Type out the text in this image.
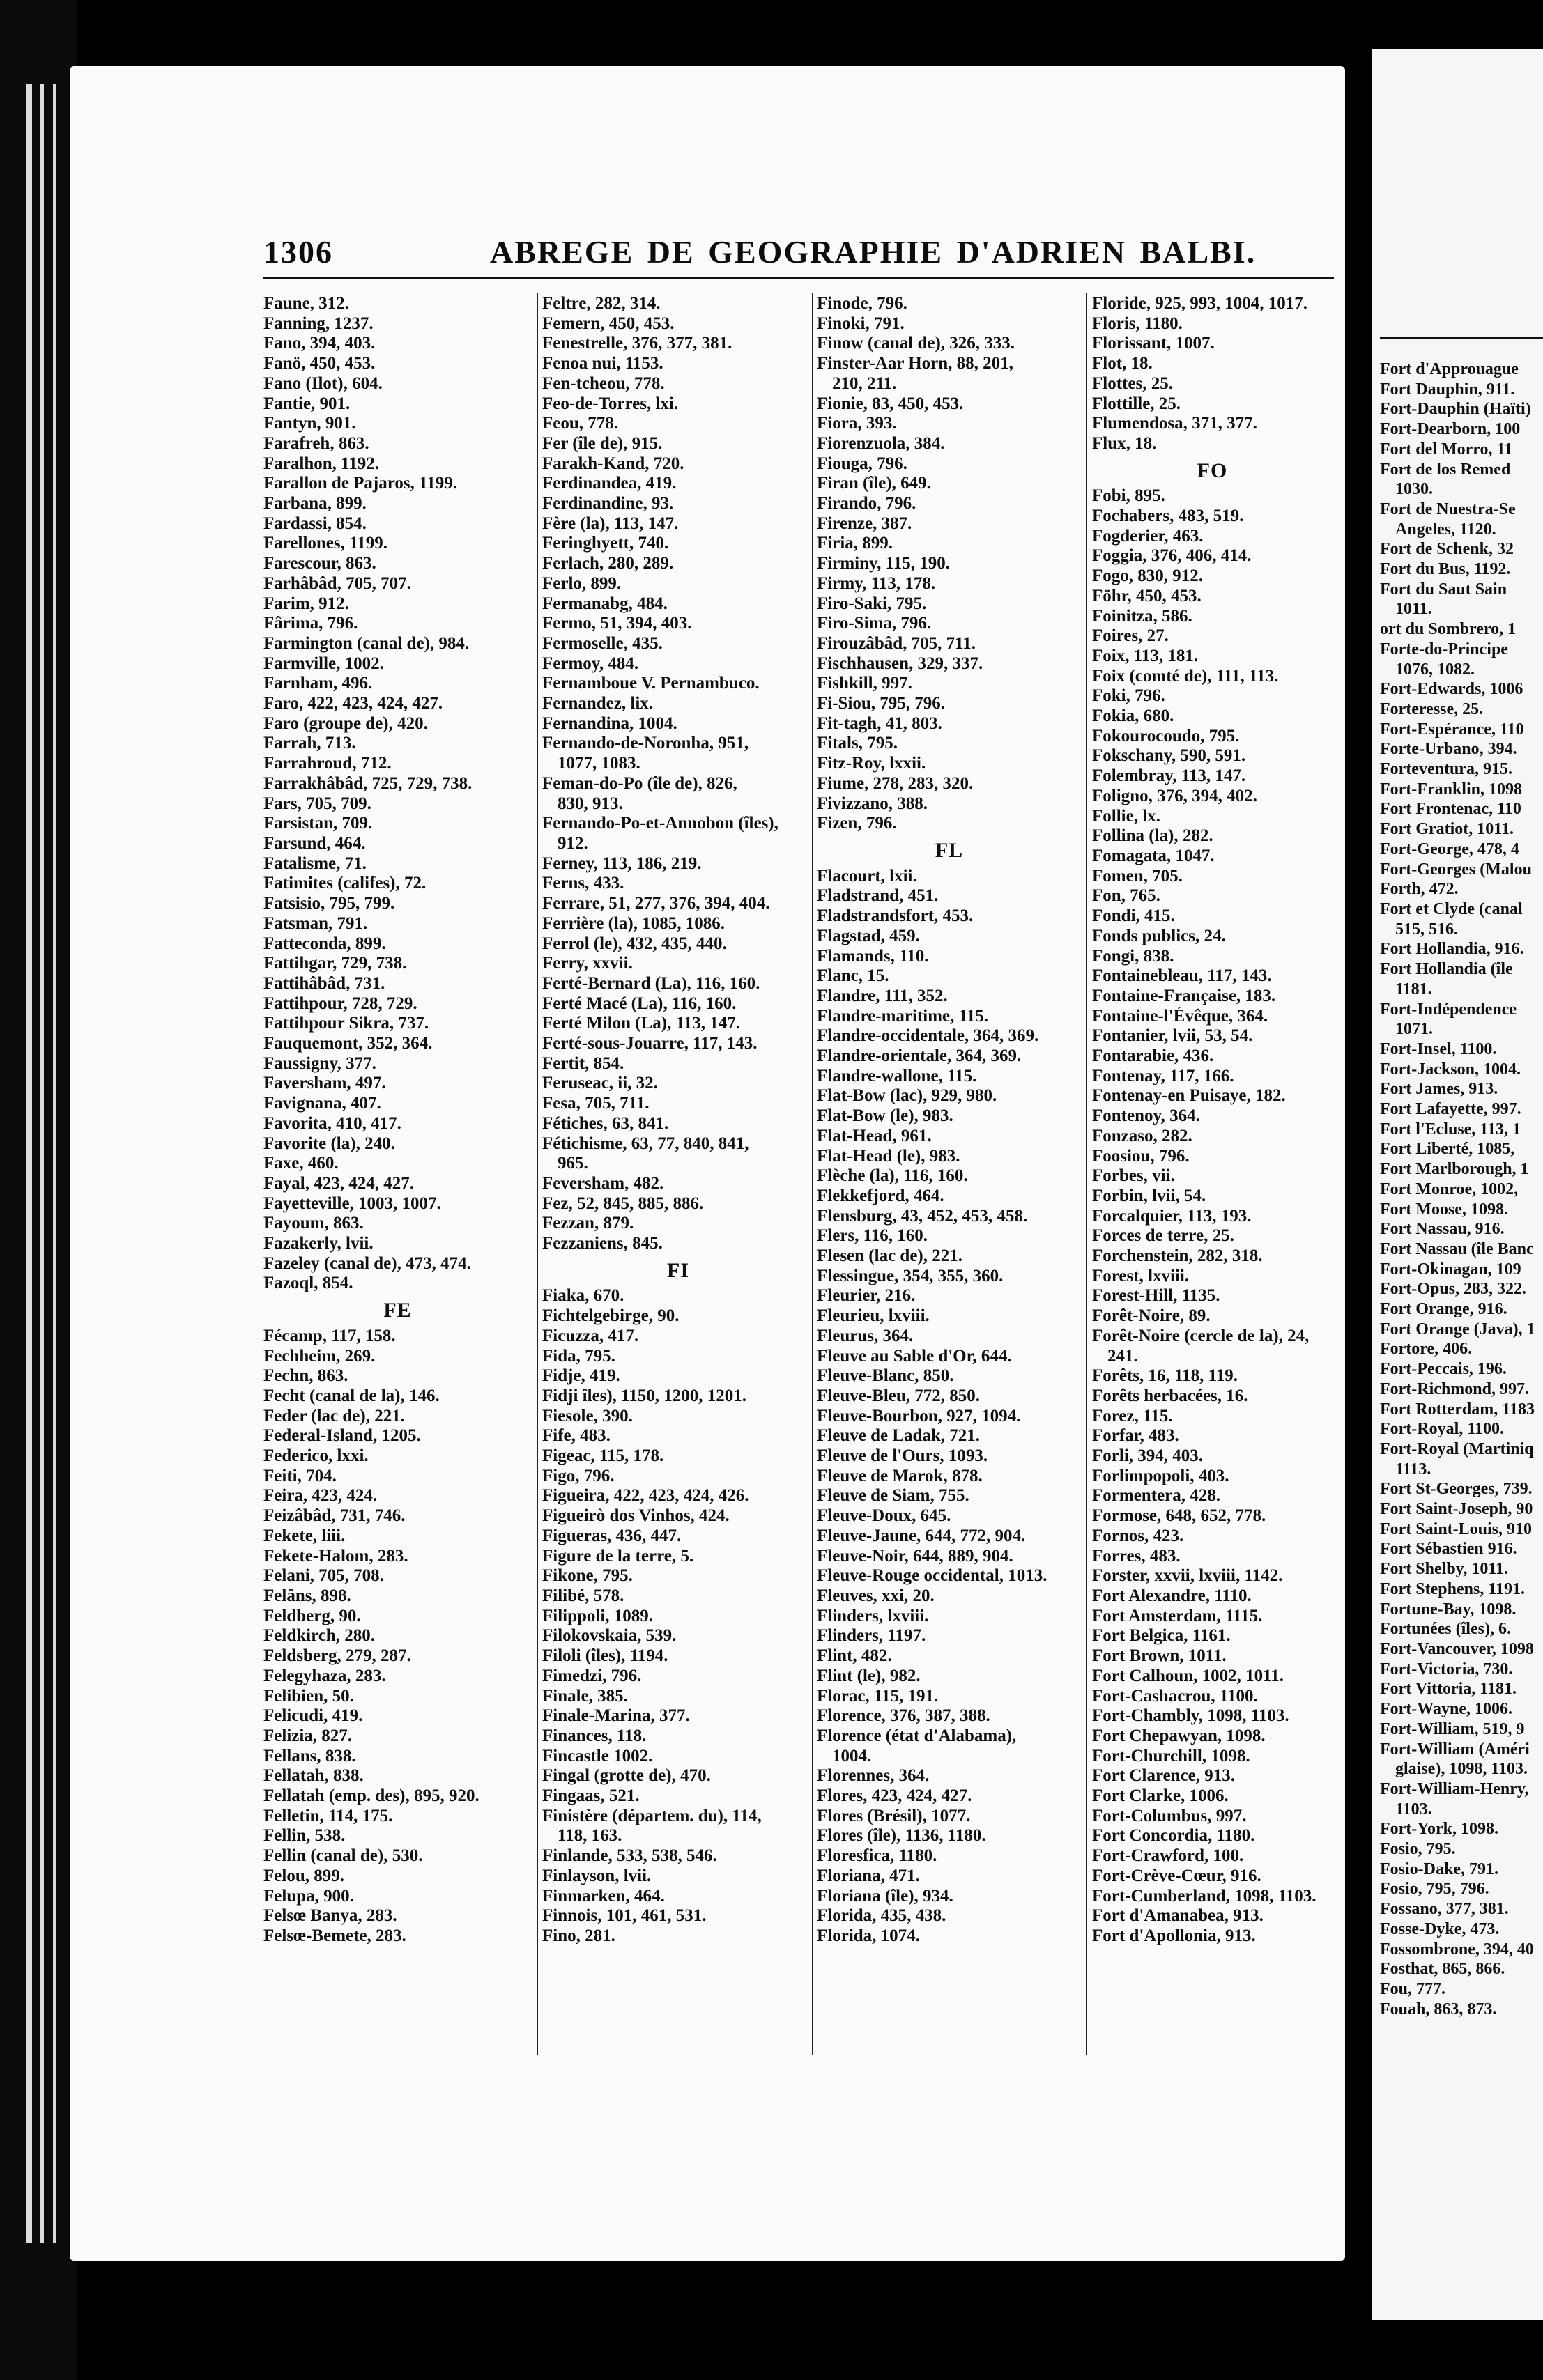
Fort d'Approuague
Fort Dauphin, 911.
Fort-Dauphin (Haïti)
Fort-Dearborn, 100
Fort del Morro, 11
Fort de los Remed
1030.
Fort de Nuestra-Se
Angeles, 1120.
Fort de Schenk, 32
Fort du Bus, 1192.
Fort du Saut Sain
1011.
ort du Sombrero, 1
Forte-do-Principe
1076, 1082.
Fort-Edwards, 1006
Forteresse, 25.
Fort-Espérance, 110
Forte-Urbano, 394.
Forteventura, 915.
Fort-Franklin, 1098
Fort Frontenac, 110
Fort Gratiot, 1011.
Fort-George, 478, 4
Fort-Georges (Malou
Forth, 472.
Fort et Clyde (canal
515, 516.
Fort Hollandia, 916.
Fort Hollandia (île
1181.
Fort-Indépendence
1071.
Fort-Insel, 1100.
Fort-Jackson, 1004.
Fort James, 913.
Fort Lafayette, 997.
Fort l'Ecluse, 113, 1
Fort Liberté, 1085,
Fort Marlborough, 1
Fort Monroe, 1002,
Fort Moose, 1098.
Fort Nassau, 916.
Fort Nassau (île Banc
Fort-Okinagan, 109
Fort-Opus, 283, 322.
Fort Orange, 916.
Fort Orange (Java), 1
Fortore, 406.
Fort-Peccais, 196.
Fort-Richmond, 997.
Fort Rotterdam, 1183
Fort-Royal, 1100.
Fort-Royal (Martiniq
1113.
Fort St-Georges, 739.
Fort Saint-Joseph, 90
Fort Saint-Louis, 910
Fort Sébastien 916.
Fort Shelby, 1011.
Fort Stephens, 1191.
Fortune-Bay, 1098.
Fortunées (îles), 6.
Fort-Vancouver, 1098
Fort-Victoria, 730.
Fort Vittoria, 1181.
Fort-Wayne, 1006.
Fort-William, 519, 9
Fort-William (Améri
glaise), 1098, 1103.
Fort-William-Henry,
1103.
Fort-York, 1098.
Fosio, 795.
Fosio-Dake, 791.
Fosio, 795, 796.
Fossano, 377, 381.
Fosse-Dyke, 473.
Fossombrone, 394, 40
Fosthat, 865, 866.
Fou, 777.
Fouah, 863, 873.
1306	ABREGE DE GEOGRAPHIE D'ADRIEN BALBI.
Faune, 312.
Fanning, 1237.
Fano, 394, 403.
Fanö, 450, 453.
Fano (Ilot), 604.
Fantie, 901.
Fantyn, 901.
Farafreh, 863.
Faralhon, 1192.
Farallon de Pajaros, 1199.
Farbana, 899.
Fardassi, 854.
Farellones, 1199.
Farescour, 863.
Farhâbâd, 705, 707.
Farim, 912.
Fârima, 796.
Farmington (canal de), 984.
Farmville, 1002.
Farnham, 496.
Faro, 422, 423, 424, 427.
Faro (groupe de), 420.
Farrah, 713.
Farrahroud, 712.
Farrakhâbâd, 725, 729, 738.
Fars, 705, 709.
Farsistan, 709.
Farsund, 464.
Fatalisme, 71.
Fatimites (califes), 72.
Fatsisio, 795, 799.
Fatsman, 791.
Fatteconda, 899.
Fattihgar, 729, 738.
Fattihâbâd, 731.
Fattihpour, 728, 729.
Fattihpour Sikra, 737.
Fauquemont, 352, 364.
Faussigny, 377.
Faversham, 497.
Favignana, 407.
Favorita, 410, 417.
Favorite (la), 240.
Faxe, 460.
Fayal, 423, 424, 427.
Fayetteville, 1003, 1007.
Fayoum, 863.
Fazakerly, lvii.
Fazeley (canal de), 473, 474.
Fazoql, 854.
FE
Fécamp, 117, 158.
Fechheim, 269.
Fechn, 863.
Fecht (canal de la), 146.
Feder (lac de), 221.
Federal-Island, 1205.
Federico, lxxi.
Feiti, 704.
Feira, 423, 424.
Feizâbâd, 731, 746.
Fekete, liii.
Fekete-Halom, 283.
Felani, 705, 708.
Felâns, 898.
Feldberg, 90.
Feldkirch, 280.
Feldsberg, 279, 287.
Felegyhaza, 283.
Felibien, 50.
Felicudi, 419.
Felizia, 827.
Fellans, 838.
Fellatah, 838.
Fellatah (emp. des), 895, 920.
Felletin, 114, 175.
Fellin, 538.
Fellin (canal de), 530.
Felou, 899.
Felupa, 900.
Felsœ Banya, 283.
Felsœ-Bemete, 283.
Feltre, 282, 314.
Femern, 450, 453.
Fenestrelle, 376, 377, 381.
Fenoa nui, 1153.
Fen-tcheou, 778.
Feo-de-Torres, lxi.
Feou, 778.
Fer (île de), 915.
Farakh-Kand, 720.
Ferdinandea, 419.
Ferdinandine, 93.
Fère (la), 113, 147.
Feringhyett, 740.
Ferlach, 280, 289.
Ferlo, 899.
Fermanabg, 484.
Fermo, 51, 394, 403.
Fermoselle, 435.
Fermoy, 484.
Fernamboue V. Pernambuco.
Fernandez, lix.
Fernandina, 1004.
Fernando-de-Noronha, 951,
1077, 1083.
Feman-do-Po (île de), 826,
830, 913.
Fernando-Po-et-Annobon (îles),
912.
Ferney, 113, 186, 219.
Ferns, 433.
Ferrare, 51, 277, 376, 394, 404.
Ferrière (la), 1085, 1086.
Ferrol (le), 432, 435, 440.
Ferry, xxvii.
Ferté-Bernard (La), 116, 160.
Ferté Macé (La), 116, 160.
Ferté Milon (La), 113, 147.
Ferté-sous-Jouarre, 117, 143.
Fertit, 854.
Feruseac, ii, 32.
Fesa, 705, 711.
Fétiches, 63, 841.
Fétichisme, 63, 77, 840, 841,
965.
Feversham, 482.
Fez, 52, 845, 885, 886.
Fezzan, 879.
Fezzaniens, 845.
FI
Fiaka, 670.
Fichtelgebirge, 90.
Ficuzza, 417.
Fida, 795.
Fidje, 419.
Fidji îles), 1150, 1200, 1201.
Fiesole, 390.
Fife, 483.
Figeac, 115, 178.
Figo, 796.
Figueira, 422, 423, 424, 426.
Figueirò dos Vinhos, 424.
Figueras, 436, 447.
Figure de la terre, 5.
Fikone, 795.
Filibé, 578.
Filippoli, 1089.
Filokovskaia, 539.
Filoli (îles), 1194.
Fimedzi, 796.
Finale, 385.
Finale-Marina, 377.
Finances, 118.
Fincastle 1002.
Fingal (grotte de), 470.
Fingaas, 521.
Finistère (départem. du), 114,
118, 163.
Finlande, 533, 538, 546.
Finlayson, lvii.
Finmarken, 464.
Finnois, 101, 461, 531.
Fino, 281.
Finode, 796.
Finoki, 791.
Finow (canal de), 326, 333.
Finster-Aar Horn, 88, 201,
210, 211.
Fionie, 83, 450, 453.
Fiora, 393.
Fiorenzuola, 384.
Fiouga, 796.
Firan (île), 649.
Firando, 796.
Firenze, 387.
Firia, 899.
Firminy, 115, 190.
Firmy, 113, 178.
Firo-Saki, 795.
Firo-Sima, 796.
Firouzâbâd, 705, 711.
Fischhausen, 329, 337.
Fishkill, 997.
Fi-Siou, 795, 796.
Fit-tagh, 41, 803.
Fitals, 795.
Fitz-Roy, lxxii.
Fiume, 278, 283, 320.
Fivizzano, 388.
Fizen, 796.
FL
Flacourt, lxii.
Fladstrand, 451.
Fladstrandsfort, 453.
Flagstad, 459.
Flamands, 110.
Flanc, 15.
Flandre, 111, 352.
Flandre-maritime, 115.
Flandre-occidentale, 364, 369.
Flandre-orientale, 364, 369.
Flandre-wallone, 115.
Flat-Bow (lac), 929, 980.
Flat-Bow (le), 983.
Flat-Head, 961.
Flat-Head (le), 983.
Flèche (la), 116, 160.
Flekkefjord, 464.
Flensburg, 43, 452, 453, 458.
Flers, 116, 160.
Flesen (lac de), 221.
Flessingue, 354, 355, 360.
Fleurier, 216.
Fleurieu, lxviii.
Fleurus, 364.
Fleuve au Sable d'Or, 644.
Fleuve-Blanc, 850.
Fleuve-Bleu, 772, 850.
Fleuve-Bourbon, 927, 1094.
Fleuve de Ladak, 721.
Fleuve de l'Ours, 1093.
Fleuve de Marok, 878.
Fleuve de Siam, 755.
Fleuve-Doux, 645.
Fleuve-Jaune, 644, 772, 904.
Fleuve-Noir, 644, 889, 904.
Fleuve-Rouge occidental, 1013.
Fleuves, xxi, 20.
Flinders, lxviii.
Flinders, 1197.
Flint, 482.
Flint (le), 982.
Florac, 115, 191.
Florence, 376, 387, 388.
Florence (état d'Alabama),
1004.
Florennes, 364.
Flores, 423, 424, 427.
Flores (Brésil), 1077.
Flores (île), 1136, 1180.
Floresfica, 1180.
Floriana, 471.
Floriana (île), 934.
Florida, 435, 438.
Florida, 1074.
Floride, 925, 993, 1004, 1017.
Floris, 1180.
Florissant, 1007.
Flot, 18.
Flottes, 25.
Flottille, 25.
Flumendosa, 371, 377.
Flux, 18.
FO
Fobi, 895.
Fochabers, 483, 519.
Fogderier, 463.
Foggia, 376, 406, 414.
Fogo, 830, 912.
Föhr, 450, 453.
Foinitza, 586.
Foires, 27.
Foix, 113, 181.
Foix (comté de), 111, 113.
Foki, 796.
Fokia, 680.
Fokourocoudo, 795.
Fokschany, 590, 591.
Folembray, 113, 147.
Foligno, 376, 394, 402.
Follie, lx.
Follina (la), 282.
Fomagata, 1047.
Fomen, 705.
Fon, 765.
Fondi, 415.
Fonds publics, 24.
Fongi, 838.
Fontainebleau, 117, 143.
Fontaine-Française, 183.
Fontaine-l'Évêque, 364.
Fontanier, lvii, 53, 54.
Fontarabie, 436.
Fontenay, 117, 166.
Fontenay-en Puisaye, 182.
Fontenoy, 364.
Fonzaso, 282.
Foosiou, 796.
Forbes, vii.
Forbin, lvii, 54.
Forcalquier, 113, 193.
Forces de terre, 25.
Forchenstein, 282, 318.
Forest, lxviii.
Forest-Hill, 1135.
Forêt-Noire, 89.
Forêt-Noire (cercle de la), 24,
241.
Forêts, 16, 118, 119.
Forêts herbacées, 16.
Forez, 115.
Forfar, 483.
Forli, 394, 403.
Forlimpopoli, 403.
Formentera, 428.
Formose, 648, 652, 778.
Fornos, 423.
Forres, 483.
Forster, xxvii, lxviii, 1142.
Fort Alexandre, 1110.
Fort Amsterdam, 1115.
Fort Belgica, 1161.
Fort Brown, 1011.
Fort Calhoun, 1002, 1011.
Fort-Cashacrou, 1100.
Fort-Chambly, 1098, 1103.
Fort Chepawyan, 1098.
Fort-Churchill, 1098.
Fort Clarence, 913.
Fort Clarke, 1006.
Fort-Columbus, 997.
Fort Concordia, 1180.
Fort-Crawford, 100.
Fort-Crève-Cœur, 916.
Fort-Cumberland, 1098, 1103.
Fort d'Amanabea, 913.
Fort d'Apollonia, 913.
